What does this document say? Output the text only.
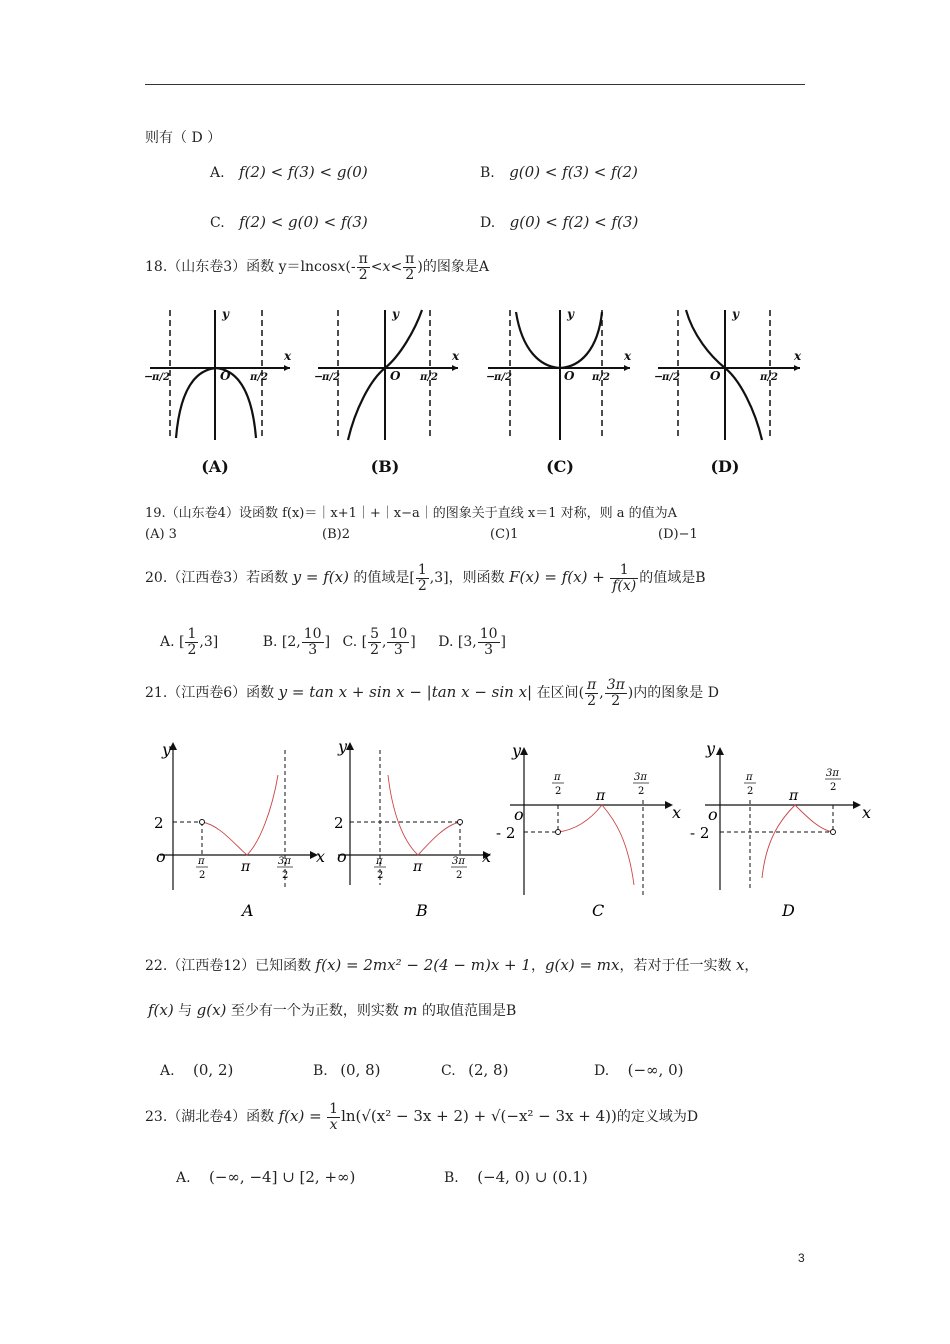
则有（ D ）
A. f(2) < f(3) < g(0)	B. g(0) < f(3) < f(2)
C. f(2) < g(0) < f(3)	D. g(0) < f(2) < f(3)
18.（山东卷3）函数 $y=lncosx(- \frac{\pi}{2} <x< \frac{\pi}{2}$ )的图象是A
y
x
O
−
π/2	π/2
y
x
O
−
π/2	π/2
y
x
O
−
π/2	π/2
y
x
O
−
π/2	π/2
(A)	(B)	(C)	(D)
19.（山东卷4）设函数 f(x)＝｜x+1｜+｜x−a｜的图象关于直线 x＝1 对称，则 a 的值为A
(A) 3	(B)2	(C)1	(D)−1
20.（江西卷3）若函数 y = f(x) 的值域是[ $\frac{1}{2} ,3$]，则函数 $F(x) = f(x) + \frac{1}{f(x)}$ 的值域是B
A. [ $\frac{1}{2} ,3$]	B. [2, $\frac{10}{3}$ ] C. [ $\frac{5}{2}$ , $\frac{10}{3}$ ] D. [3, $\frac{10}{3}$ ]
21.（江西卷6）函数 y = tan x + sin x − |tan x − sin x| 在区间( $\frac{\pi}{2}$ , $\frac{3\pi}{2}$ )内的图象是 D
y
x
o
2
π
2
π	3π
2
A
y
x
o
2
π
2
π	3π
2
B
y
x
o
- 2
π
2 π
3π
2
C
y
x
o
- 2
π
2	π
3π
2
D
22.（江西卷12）已知函数 f(x) = 2mx² − 2(4 − m)x + 1，g(x) = mx，若对于任一实数 x，
f(x) 与 g(x) 至少有一个为正数，则实数 m 的取值范围是B
A. (0, 2)	B. (0, 8)	C. (2, 8)	D. (−∞, 0)
23.（湖北卷4）函数 $f(x) = \frac{1}{x} \ln(√(x^2 - 3x + 2) + √(-x^2 - 3x + 4))$的定义域为D
A. (−∞, −4] ∪ [2, +∞)	B. (−4, 0) ∪ (0.1)
3
